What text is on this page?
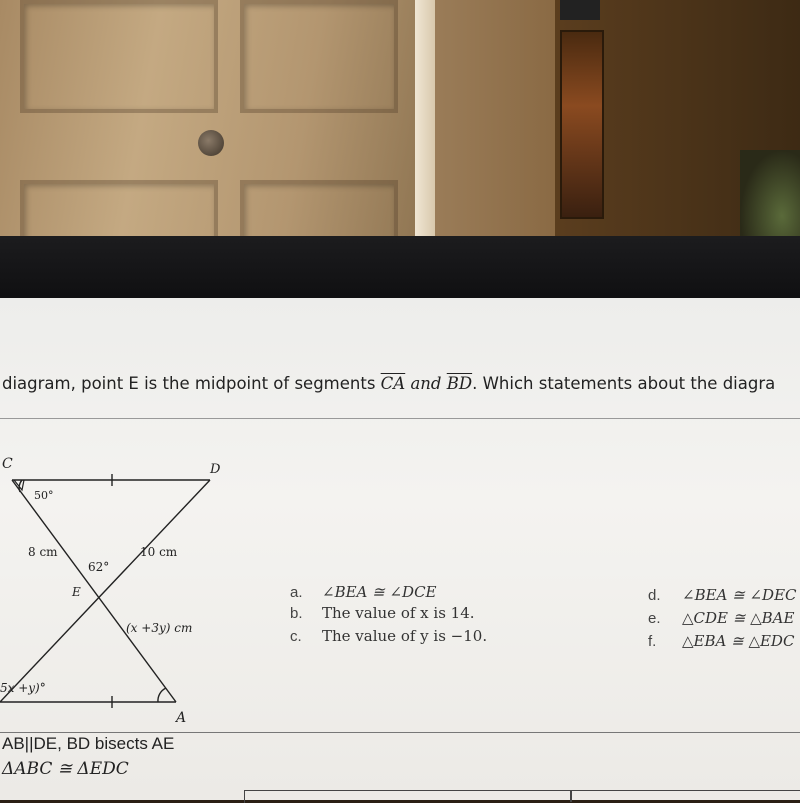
diagram, point E is the midpoint of segments $\overline{CA}$ and $\overline{BD}$. Which statements about the diagra
C	D
E
A
50°
62°
8 cm	10 cm
(x +3y) cm
5x +y)°
a. ∠BEA ≅ ∠DCE
b. The value of x is 14.
c. The value of y is −10.
d. ∠BEA ≅ ∠DEC
e. △CDE ≅ △BAE
f. △EBA ≅ △EDC
AB||DE, BD bisects AE
ΔABC ≅ ΔEDC
